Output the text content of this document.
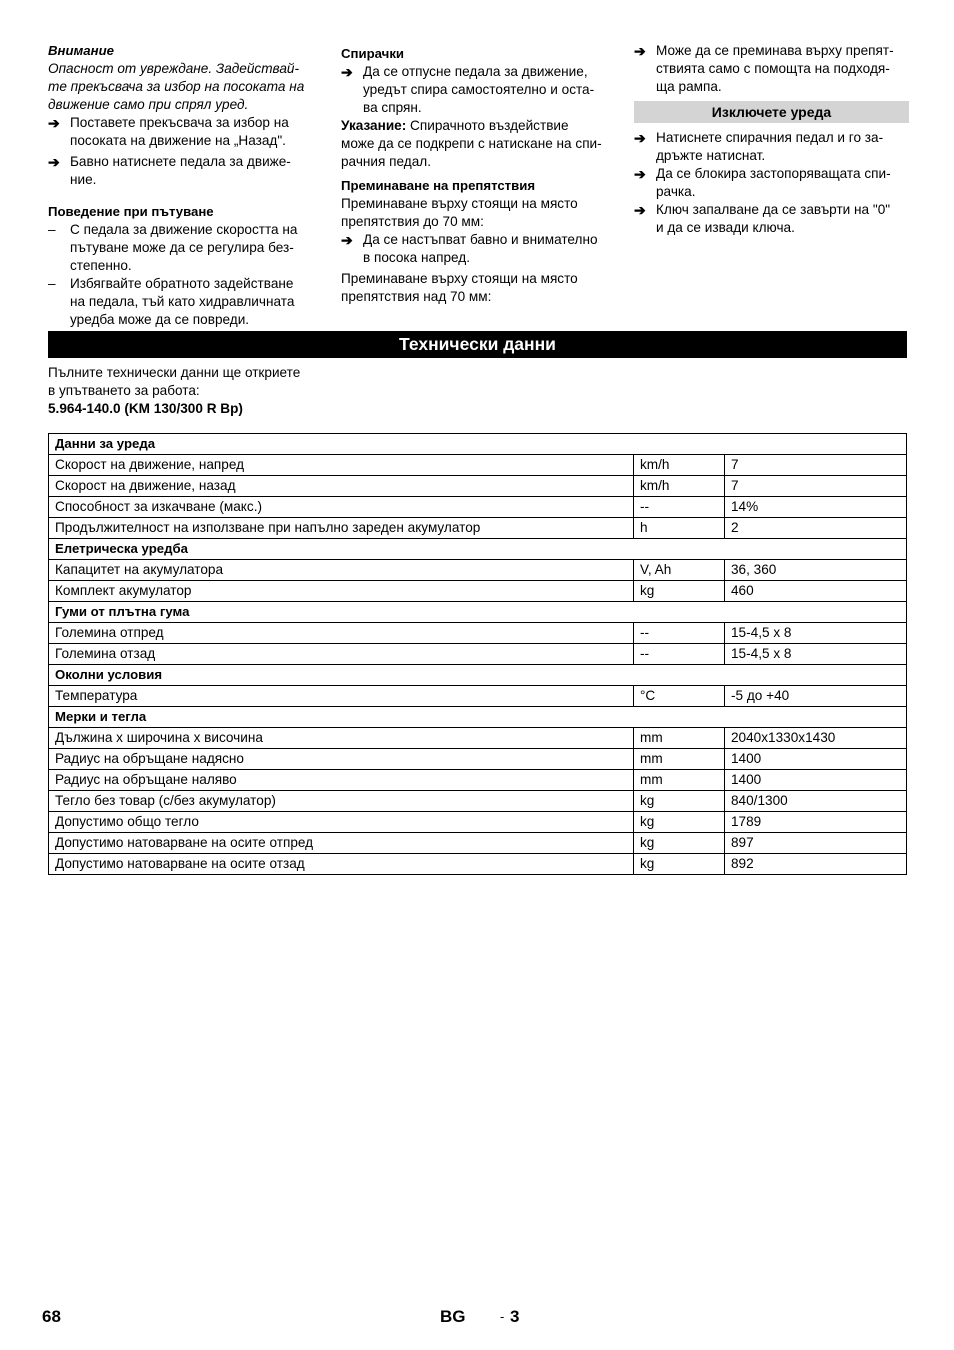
Внимание

Опасност от увреждане. Задействай-
те прекъсвача за избор на посоката на
движение само при спрял уред.

➔ Поставете прекъсвача за избор на
посоката на движение на „Назад".

➔ Бавно натиснете педала за движе-
ние.

Поведение при пътуване

– С педала за движение скоростта на
пътуване може да се регулира без-
степенно.

– Избягвайте обратното задействане
на педала, тъй като хидравличната
уредба може да се повреди.

Спирачки

➔ Да се отпусне педала за движение,
уредът спира самостоятелно и оста-
ва спрян.

Указание: Спирачното въздействие
може да се подкрепи с натискане на спи-
рачния педал.

Преминаване на препятствия

Преминаване върху стоящи на място
препятствия до 70 мм:

➔ Да се настъпват бавно и внимателно
в посока напред.

Преминаване върху стоящи на място
препятствия над 70 мм:

➔ Може да се преминава върху препят-
ствията само с помощта на подходя-
ща рампа.

Изключете уреда

➔ Натиснете спирачния педал и го за-
дръжте натиснат.

➔ Да се блокира застопоряващата спи-
рачка.

➔ Ключ запалване да се завърти на "0"
и да се извади ключа.

Технически данни
Пълните технически данни ще откриете
в упътването за работа:
5.964-140.0 (KM 130/300 R Bp)
Данни за уреда		
Скорост на движение, напред	km/h	7
Скорост на движение, назад	km/h	7
Способност за изкачване (макс.)	--	14%
Продължителност на използване при напълно зареден акумулатор	h	2
Елетрическа уредба		
Капацитет на акумулатора	V, Ah	36, 360
Комплект акумулатор	kg	460
Гуми от плътна гума		
Големина отпред	--	15-4,5 x 8
Големина отзад	--	15-4,5 x 8
Околни условия		
Температура	°C	-5 до +40
Мерки и тегла		
Дължина x широчина x височина	mm	2040x1330x1430
Радиус на обръщане надясно	mm	1400
Радиус на обръщане наляво	mm	1400
Тегло без товар (с/без акумулатор)	kg	840/1300
Допустимо общо тегло	kg	1789
Допустимо натоварване на осите отпред	kg	897
Допустимо натоварване на осите отзад	kg	892
68	BG	- 3
